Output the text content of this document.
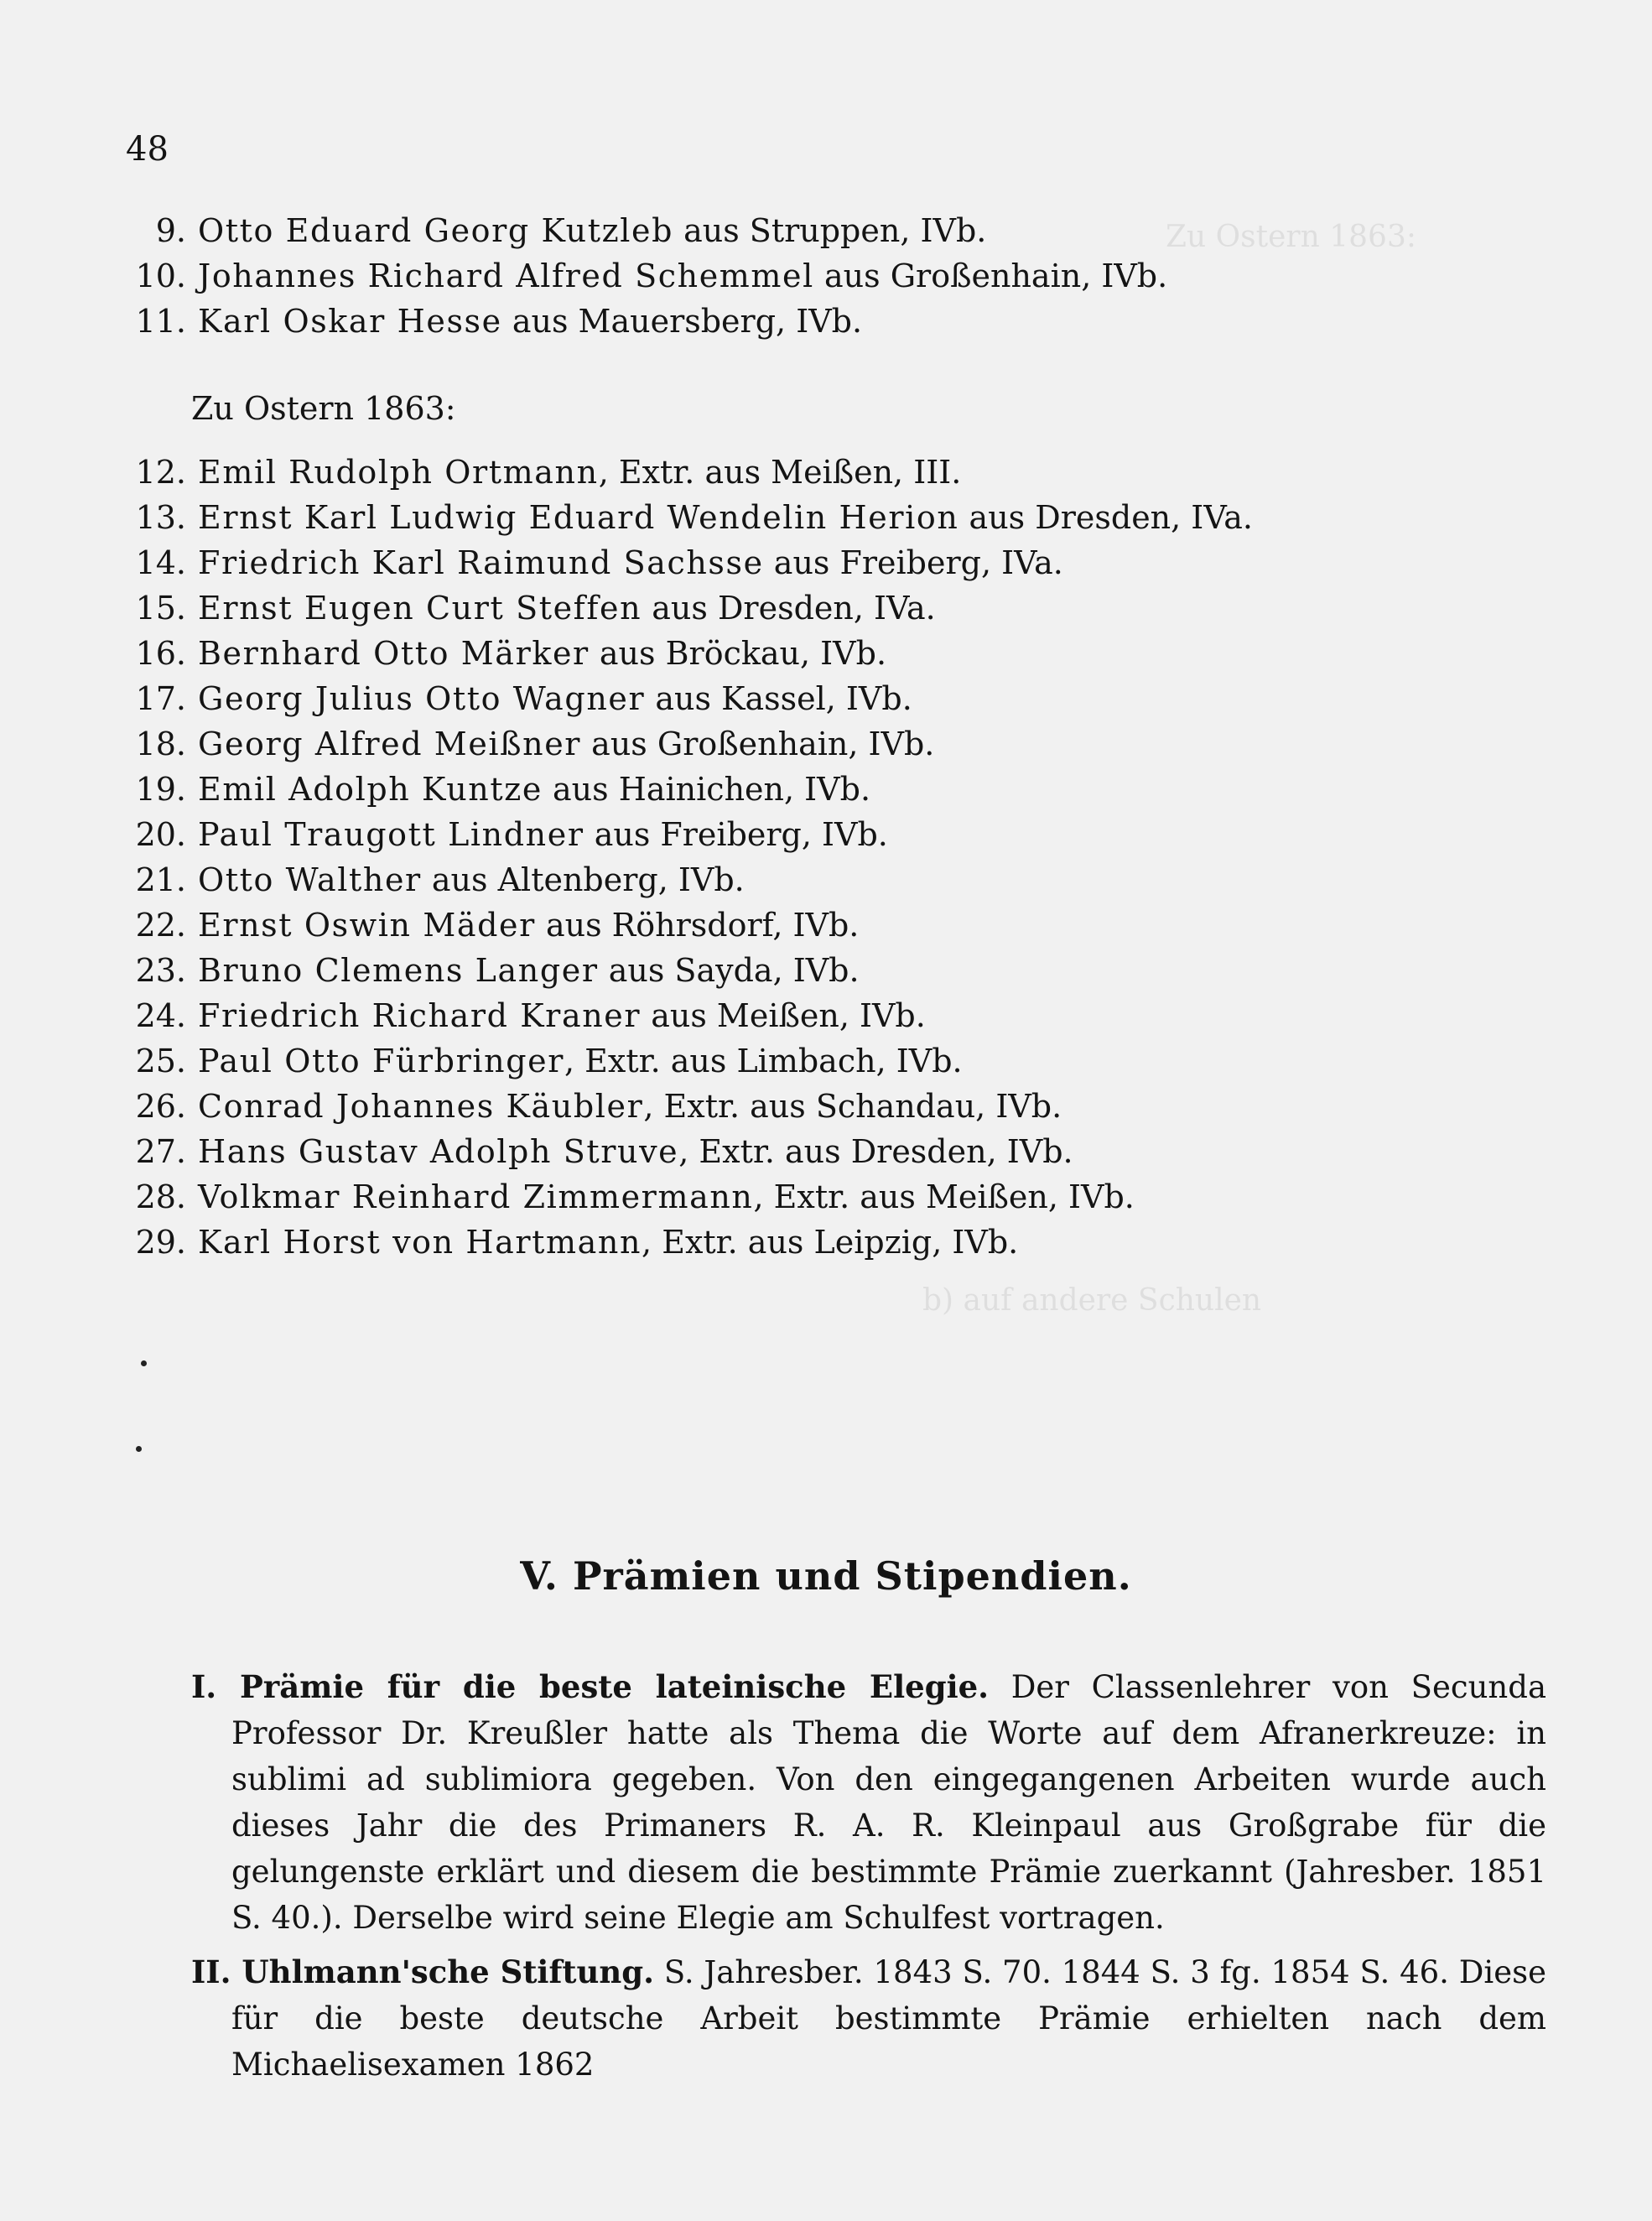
Zu Ostern 1863:
b) auf andere Schulen
48
9. Otto Eduard Georg Kutzleb aus Struppen, IVb.
10. Johannes Richard Alfred Schemmel aus Großenhain, IVb.
11. Karl Oskar Hesse aus Mauersberg, IVb.
Zu Ostern 1863:
12. Emil Rudolph Ortmann, Extr. aus Meißen, III.
13. Ernst Karl Ludwig Eduard Wendelin Herion aus Dresden, IVa.
14. Friedrich Karl Raimund Sachsse aus Freiberg, IVa.
15. Ernst Eugen Curt Steffen aus Dresden, IVa.
16. Bernhard Otto Märker aus Bröckau, IVb.
17. Georg Julius Otto Wagner aus Kassel, IVb.
18. Georg Alfred Meißner aus Großenhain, IVb.
19. Emil Adolph Kuntze aus Hainichen, IVb.
20. Paul Traugott Lindner aus Freiberg, IVb.
21. Otto Walther aus Altenberg, IVb.
22. Ernst Oswin Mäder aus Röhrsdorf, IVb.
23. Bruno Clemens Langer aus Sayda, IVb.
24. Friedrich Richard Kraner aus Meißen, IVb.
25. Paul Otto Fürbringer, Extr. aus Limbach, IVb.
26. Conrad Johannes Käubler, Extr. aus Schandau, IVb.
27. Hans Gustav Adolph Struve, Extr. aus Dresden, IVb.
28. Volkmar Reinhard Zimmermann, Extr. aus Meißen, IVb.
29. Karl Horst von Hartmann, Extr. aus Leipzig, IVb.
V. Prämien und Stipendien.
I. Prämie für die beste lateinische Elegie. Der Classenlehrer von Secunda Professor Dr. Kreußler hatte als Thema die Worte auf dem Afranerkreuze: in sublimi ad sublimiora gegeben. Von den eingegangenen Arbeiten wurde auch dieses Jahr die des Primaners R. A. R. Kleinpaul aus Großgrabe für die gelungenste erklärt und diesem die bestimmte Prämie zuerkannt (Jahresber. 1851 S. 40.). Derselbe wird seine Elegie am Schulfest vortragen.
II. Uhlmann'sche Stiftung. S. Jahresber. 1843 S. 70. 1844 S. 3 fg. 1854 S. 46. Diese für die beste deutsche Arbeit bestimmte Prämie erhielten nach dem Michaelisexamen 1862
